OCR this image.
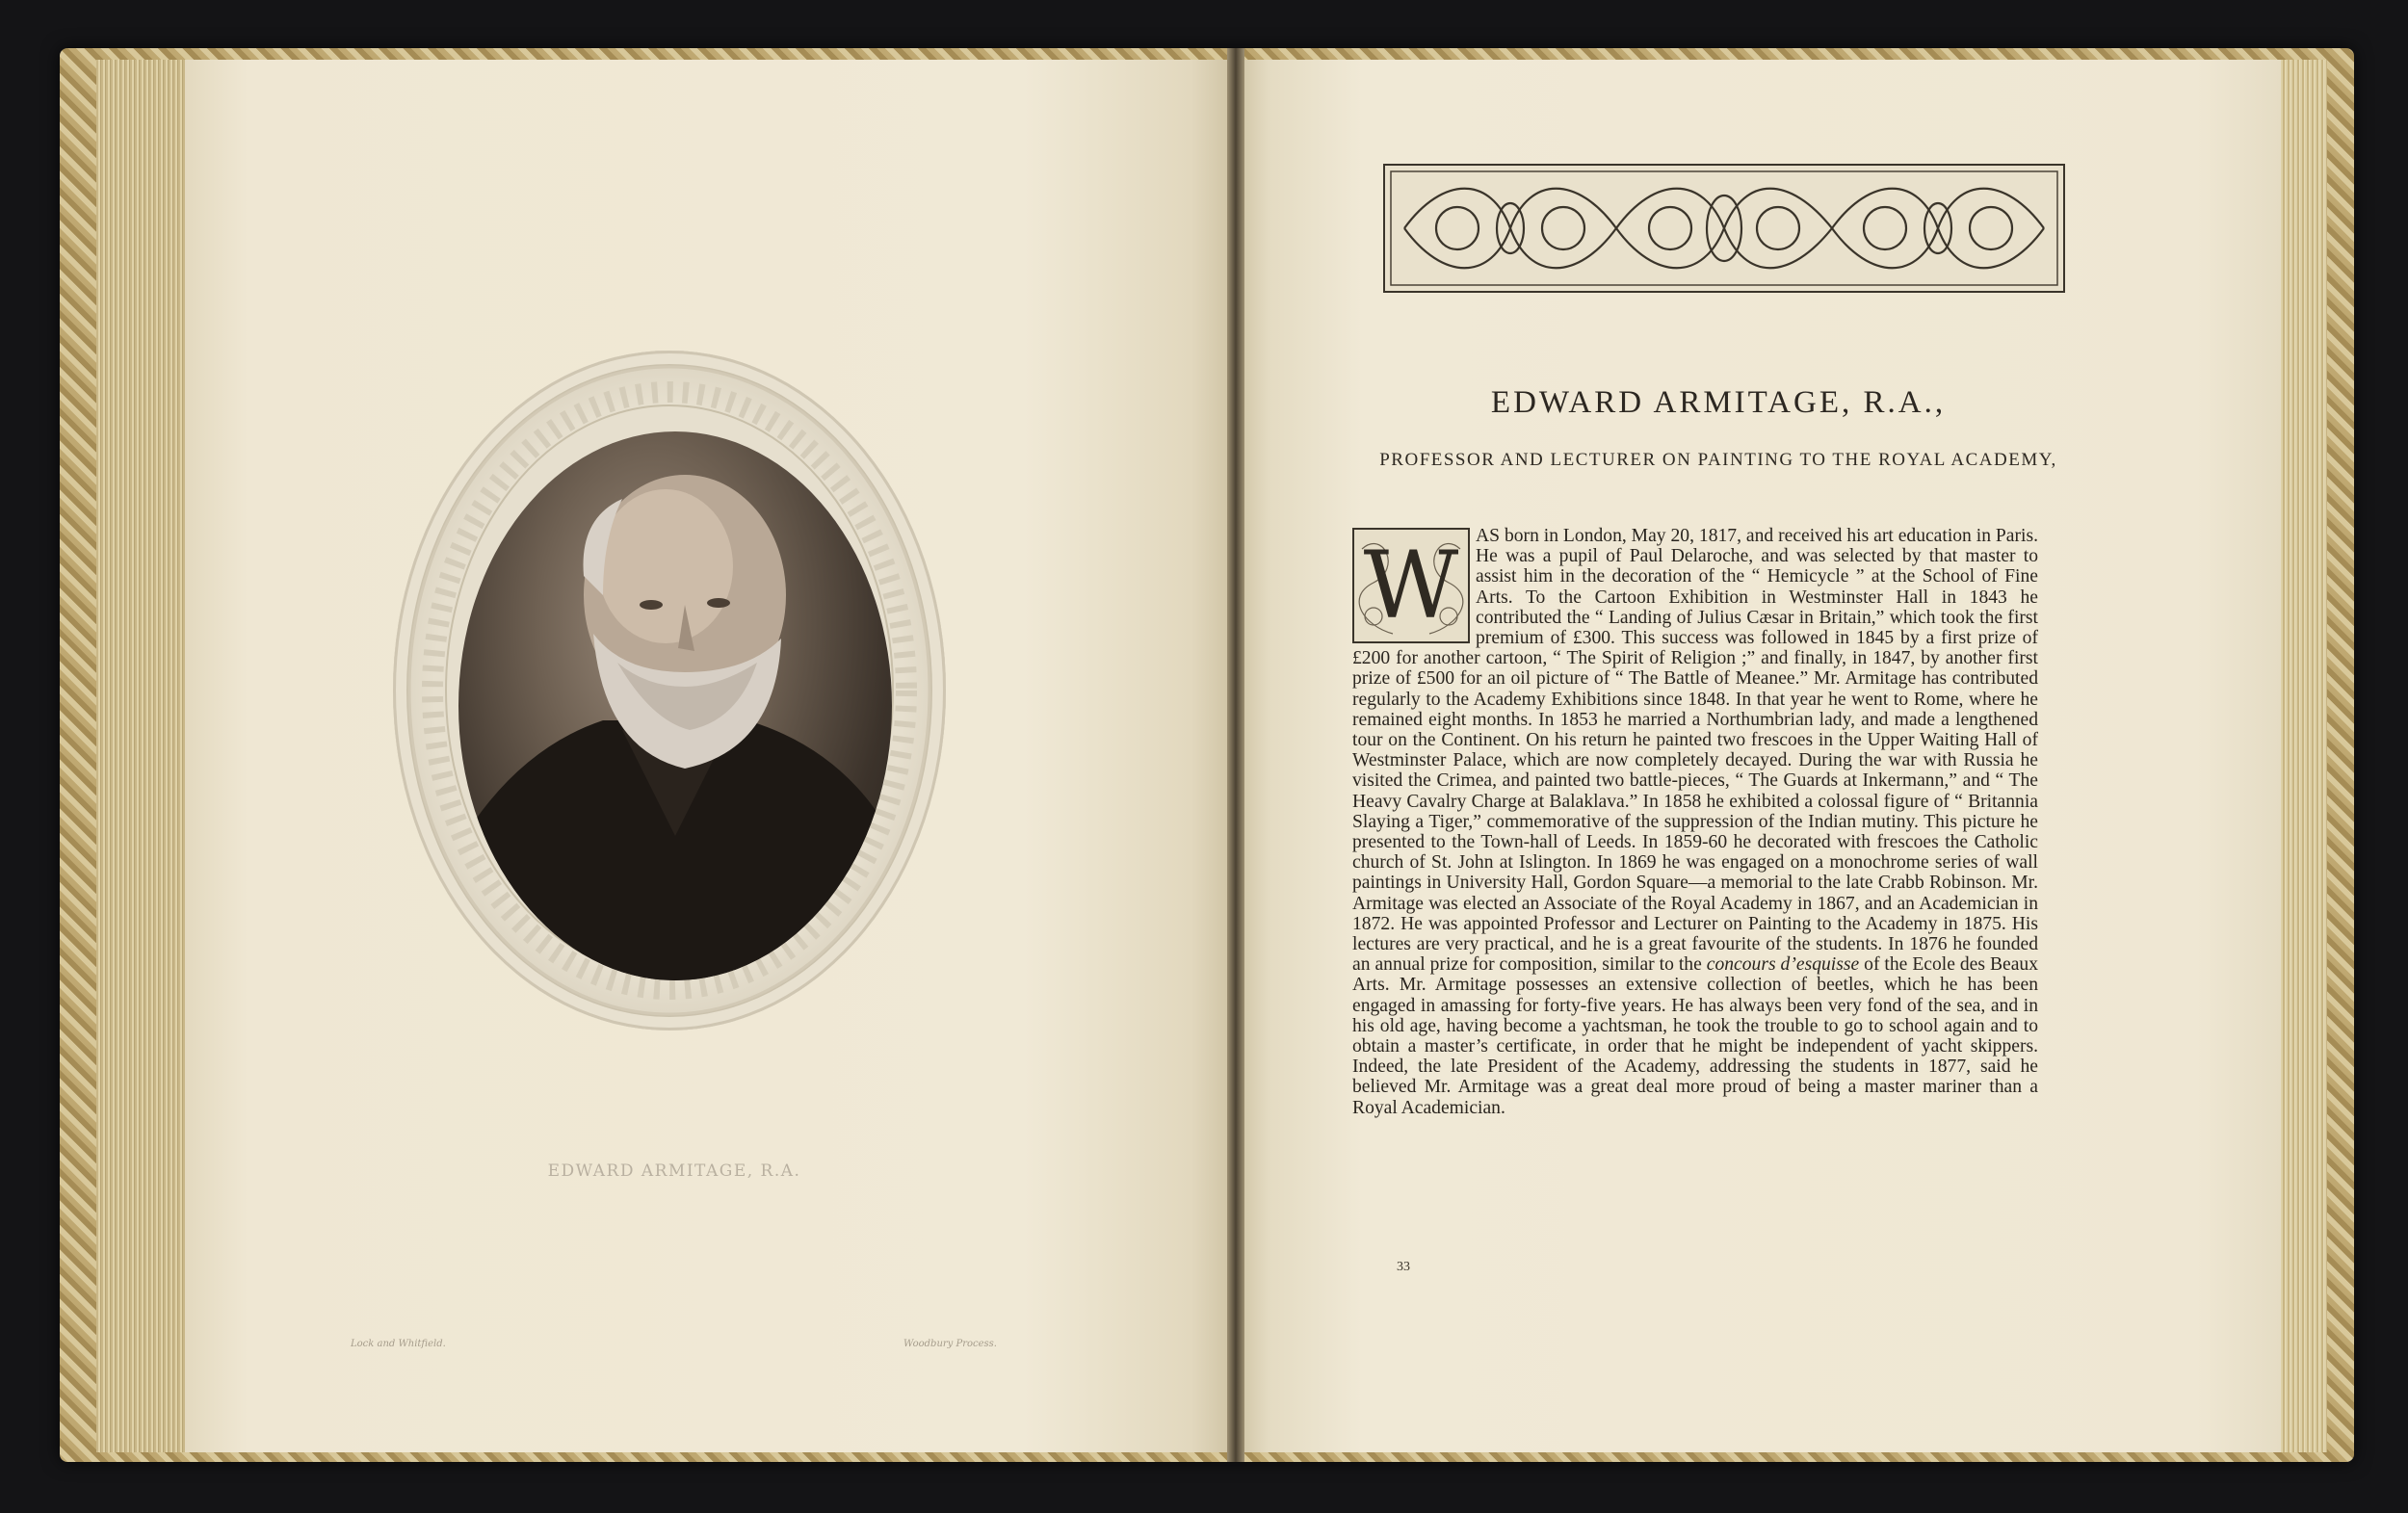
EDWARD ARMITAGE, R.A.
Lock and Whitfield.	Woodbury Process.
EDWARD ARMITAGE, R.A.,
PROFESSOR AND LECTURER ON PAINTING TO THE ROYAL ACADEMY,
W AS born in London, May 20, 1817, and received his art education in Paris. He was a pupil of Paul Delaroche, and was selected by that master to assist him in the decoration of the “ Hemicycle ” at the School of Fine Arts. To the Cartoon Exhibition in Westminster Hall in 1843 he contributed the “ Landing of Julius Cæsar in Britain,” which took the first premium of £300. This success was followed in 1845 by a first prize of £200 for another cartoon, “ The Spirit of Religion ;” and finally, in 1847, by another first prize of £500 for an oil picture of “ The Battle of Meanee.” Mr. Armitage has contributed regularly to the Academy Exhibitions since 1848. In that year he went to Rome, where he remained eight months. In 1853 he married a Northumbrian lady, and made a lengthened tour on the Continent. On his return he painted two frescoes in the Upper Waiting Hall of Westminster Palace, which are now completely decayed. During the war with Russia he visited the Crimea, and painted two battle-pieces, “ The Guards at Inkermann,” and “ The Heavy Cavalry Charge at Balaklava.” In 1858 he exhibited a colossal figure of “ Britannia Slaying a Tiger,” commemorative of the suppression of the Indian mutiny. This picture he presented to the Town-hall of Leeds. In 1859-60 he decorated with frescoes the Catholic church of St. John at Islington. In 1869 he was engaged on a monochrome series of wall paintings in University Hall, Gordon Square—a memorial to the late Crabb Robinson. Mr. Armitage was elected an Associate of the Royal Academy in 1867, and an Academician in 1872. He was appointed Professor and Lecturer on Painting to the Academy in 1875. His lectures are very practical, and he is a great favourite of the students. In 1876 he founded an annual prize for composition, similar to the concours d’esquisse of the Ecole des Beaux Arts. Mr. Armitage possesses an extensive collection of beetles, which he has been engaged in amassing for forty-five years. He has always been very fond of the sea, and in his old age, having become a yachtsman, he took the trouble to go to school again and to obtain a master’s certificate, in order that he might be independent of yacht skippers. Indeed, the late President of the Academy, addressing the students in 1877, said he believed Mr. Armitage was a great deal more proud of being a master mariner than a Royal Academician.

33
